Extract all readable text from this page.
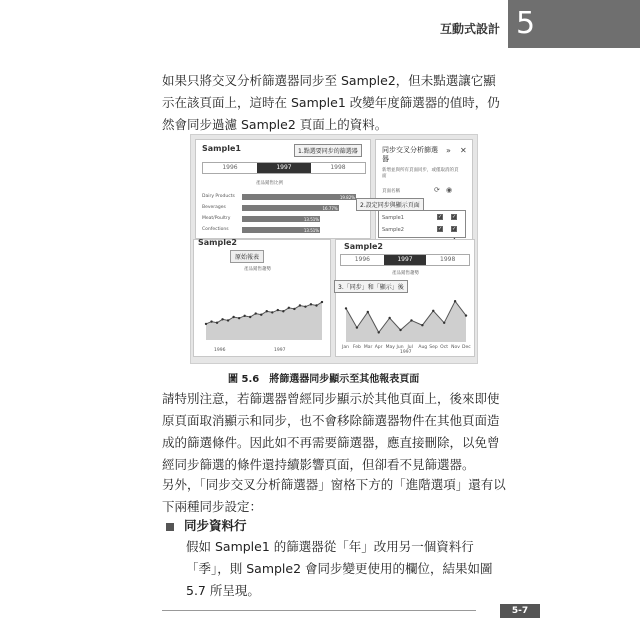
互動式設計 5

如果只將交叉分析篩選器同步至 Sample2，但未點選讓它顯示在該頁面上，這時在 Sample1 改變年度篩選器的值時，仍然會同步過濾 Sample2 頁面上的資料。

Sample1	1.點選要同步的篩選器
1996	1997	1998
產品銷售比例
Dairy Products	19.82%
Beverages	16.77%
Meat/Poultry	13.51%
Confections	13.51%
同步交叉分析篩選器
» ✕
新增並與所有頁面同步，或僅取消的頁面
頁面名稱	⟳ ◉
2.設定同步與顯示頁面
Sample1	✓ ✓
Sample2	✓ ✓
Sample2
原始報表
產品銷售趨勢
1996	1997
Sample2
1996	1997	1998
產品銷售趨勢
3.「同步」和「顯示」後
Jan Feb Mar Apr May Jun Jul Aug Sep Oct Nov Dec
1997
圖 5.6　將篩選器同步顯示至其他報表頁面

請特別注意，若篩選器曾經同步顯示於其他頁面上，後來即使原頁面取消顯示和同步，也不會移除篩選器物件在其他頁面造成的篩選條件。因此如不再需要篩選器，應直接刪除，以免曾經同步篩選的條件還持續影響頁面，但卻看不見篩選器。

另外，「同步交叉分析篩選器」窗格下方的「進階選項」還有以下兩種同步設定：

同步資料行

假如 Sample1 的篩選器從「年」改用另一個資料行「季」，則 Sample2 會同步變更使用的欄位，結果如圖 5.7 所呈現。

5-7
